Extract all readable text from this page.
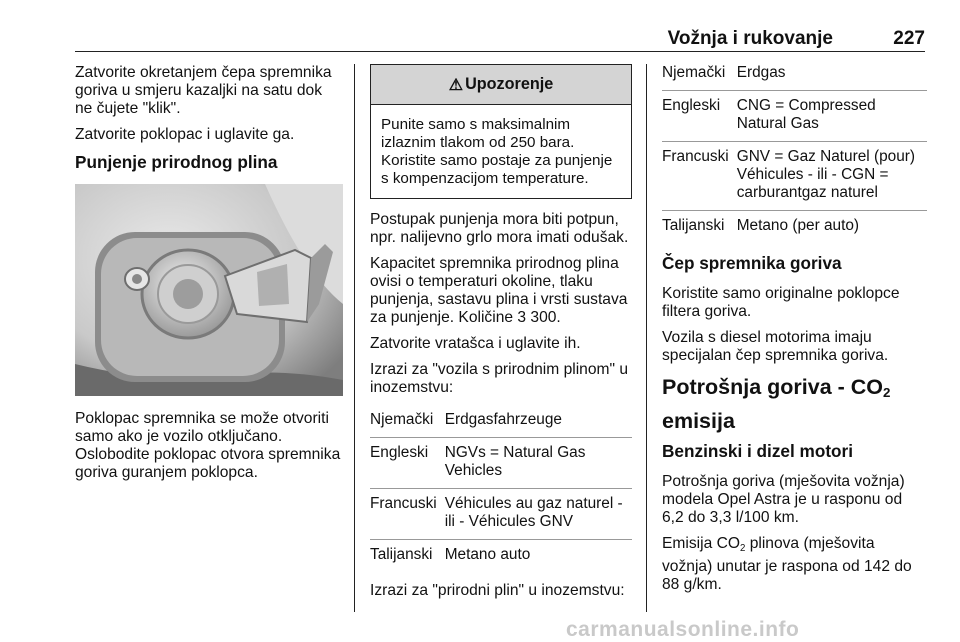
Vožnja i rukovanje	227

Zatvorite okretanjem čepa spremnika goriva u smjeru kazaljki na satu dok ne čujete "klik".

Zatvorite poklopac i uglavite ga.

Punjenje prirodnog plina

Poklopac spremnika se može otvoriti samo ako je vozilo otključano. Oslobodite poklopac otvora spremnika goriva guranjem poklopca.

⚠ Upozorenje
Punite samo s maksimalnim izlaznim tlakom od 250 bara. Koristite samo postaje za punjenje s kompenzacijom temperature.

Postupak punjenja mora biti potpun, npr. nalijevno grlo mora imati odušak.

Kapacitet spremnika prirodnog plina ovisi o temperaturi okoline, tlaku punjenja, sastavu plina i vrsti sustava za punjenje. Količine 3 300.

Zatvorite vratašca i uglavite ih.

Izrazi za "vozila s prirodnim plinom" u inozemstvu:

Njemački	Erdgasfahrzeuge
Engleski	NGVs = Natural Gas Vehicles
Francuski	Véhicules au gaz naturel - ili - Véhicules GNV
Talijanski	Metano auto

Izrazi za "prirodni plin" u inozemstvu:

Njemački	Erdgas
Engleski	CNG = Compressed Natural Gas
Francuski	GNV = Gaz Naturel (pour) Véhicules - ili - CGN = carburantgaz naturel
Talijanski	Metano (per auto)
Čep spremnika goriva

Koristite samo originalne poklopce filtera goriva.

Vozila s diesel motorima imaju specijalan čep spremnika goriva.

Potrošnja goriva - $CO_2$
emisija
Benzinski i dizel motori

Potrošnja goriva (mješovita vožnja) modela Opel Astra je u rasponu od 6,2 do 3,3 l/100 km.

Emisija $CO_2$ plinova (mješovita vožnja) unutar je raspona od 142 do 88 g/km.

carmanualsonline.info
